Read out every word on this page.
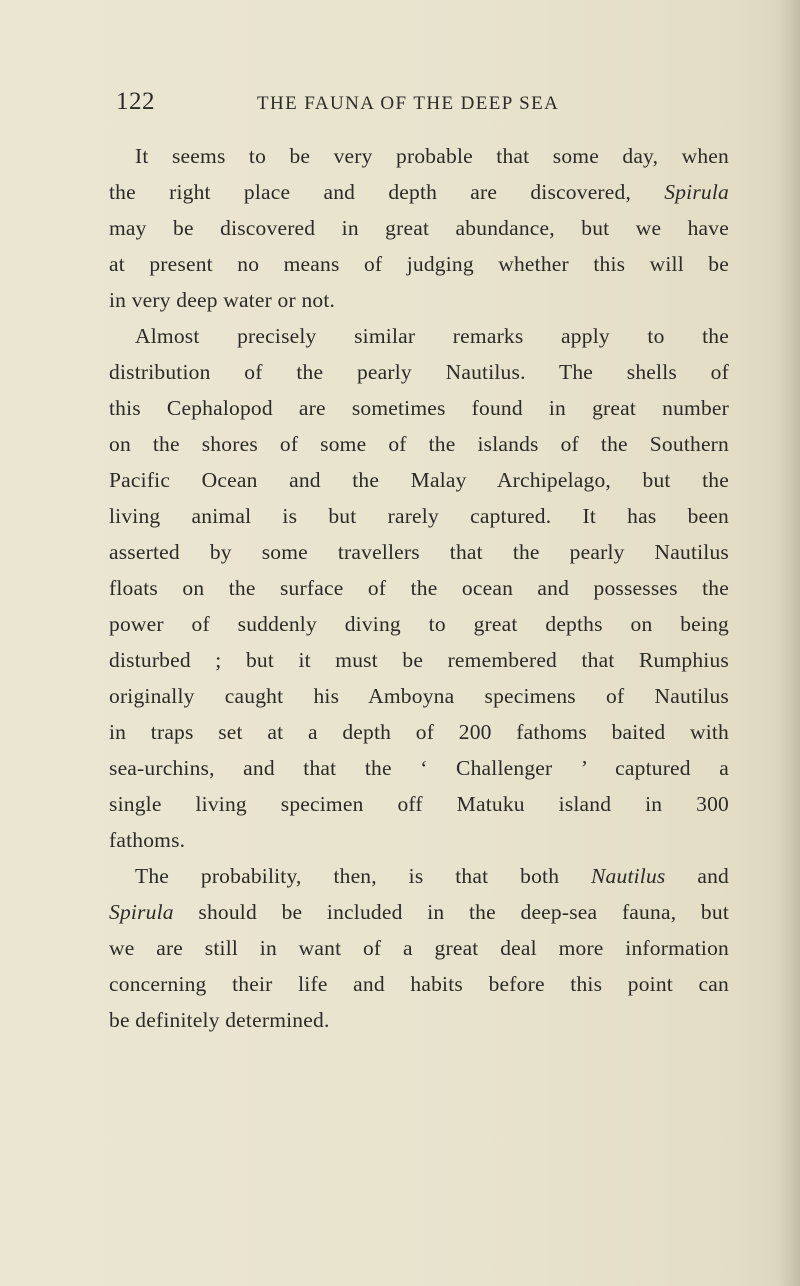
122	THE FAUNA OF THE DEEP SEA
It seems to be very probable that some day, when
the right place and depth are discovered, Spirula
may be discovered in great abundance, but we have
at present no means of judging whether this will be
in very deep water or not.
Almost precisely similar remarks apply to the
distribution of the pearly Nautilus. The shells of
this Cephalopod are sometimes found in great number
on the shores of some of the islands of the Southern
Pacific Ocean and the Malay Archipelago, but the
living animal is but rarely captured. It has been
asserted by some travellers that the pearly Nautilus
floats on the surface of the ocean and possesses the
power of suddenly diving to great depths on being
disturbed ; but it must be remembered that Rumphius
originally caught his Amboyna specimens of Nautilus
in traps set at a depth of 200 fathoms baited with
sea-urchins, and that the ‘ Challenger ’ captured a
single living specimen off Matuku island in 300
fathoms.
The probability, then, is that both Nautilus and
Spirula should be included in the deep-sea fauna, but
we are still in want of a great deal more information
concerning their life and habits before this point can
be definitely determined.
